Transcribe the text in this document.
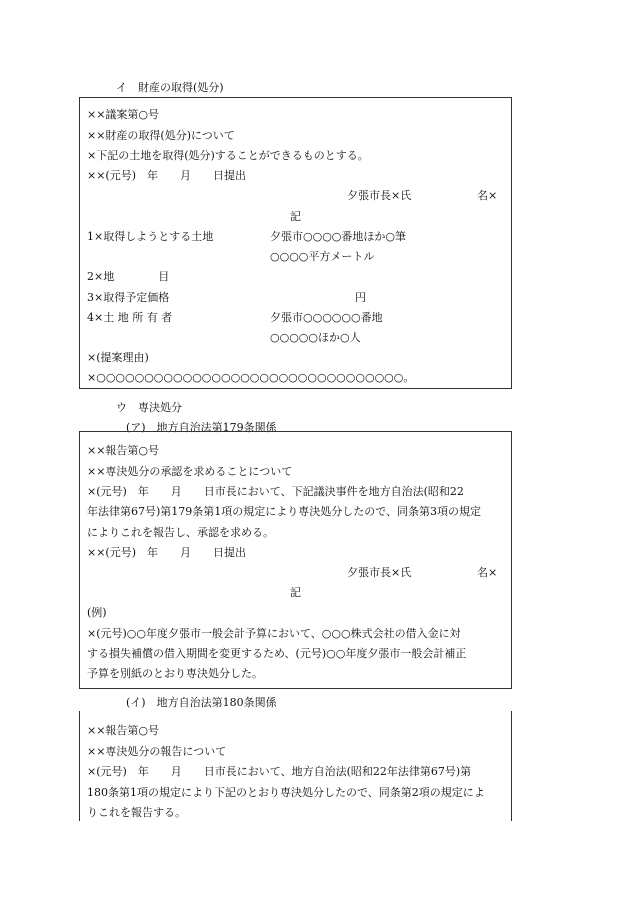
イ　財産の取得(処分)
××議案第○号
××財産の取得(処分)について
×下記の土地を取得(処分)することができるものとする。
××(元号)　年　　月　　日提出
夕張市長×氏	名×
記
1×取得しようとする土地	夕張市○○○○番地ほか○筆
○○○○平方メートル
2×地　　　　目
3×取得予定価格	円
4×土 地 所 有 者	夕張市○○○○○○番地
○○○○○ほか○人
×(提案理由)
×○○○○○○○○○○○○○○○○○○○○○○○○○○○○○○○○。
ウ　専決処分
(ア)　地方自治法第179条関係
××報告第○号
××専決処分の承認を求めることについて
×(元号)　年　　月　　日市長において、下記議決事件を地方自治法(昭和22
年法律第67号)第179条第1項の規定により専決処分したので、同条第3項の規定
によりこれを報告し、承認を求める。
××(元号)　年　　月　　日提出
夕張市長×氏	名×
記
(例)
×(元号)○○年度夕張市一般会計予算において、○○○株式会社の借入金に対
する損失補償の借入期間を変更するため、(元号)○○年度夕張市一般会計補正
予算を別紙のとおり専決処分した。
(イ)　地方自治法第180条関係
××報告第○号
××専決処分の報告について
×(元号)　年　　月　　日市長において、地方自治法(昭和22年法律第67号)第
180条第1項の規定により下記のとおり専決処分したので、同条第2項の規定によ
りこれを報告する。
